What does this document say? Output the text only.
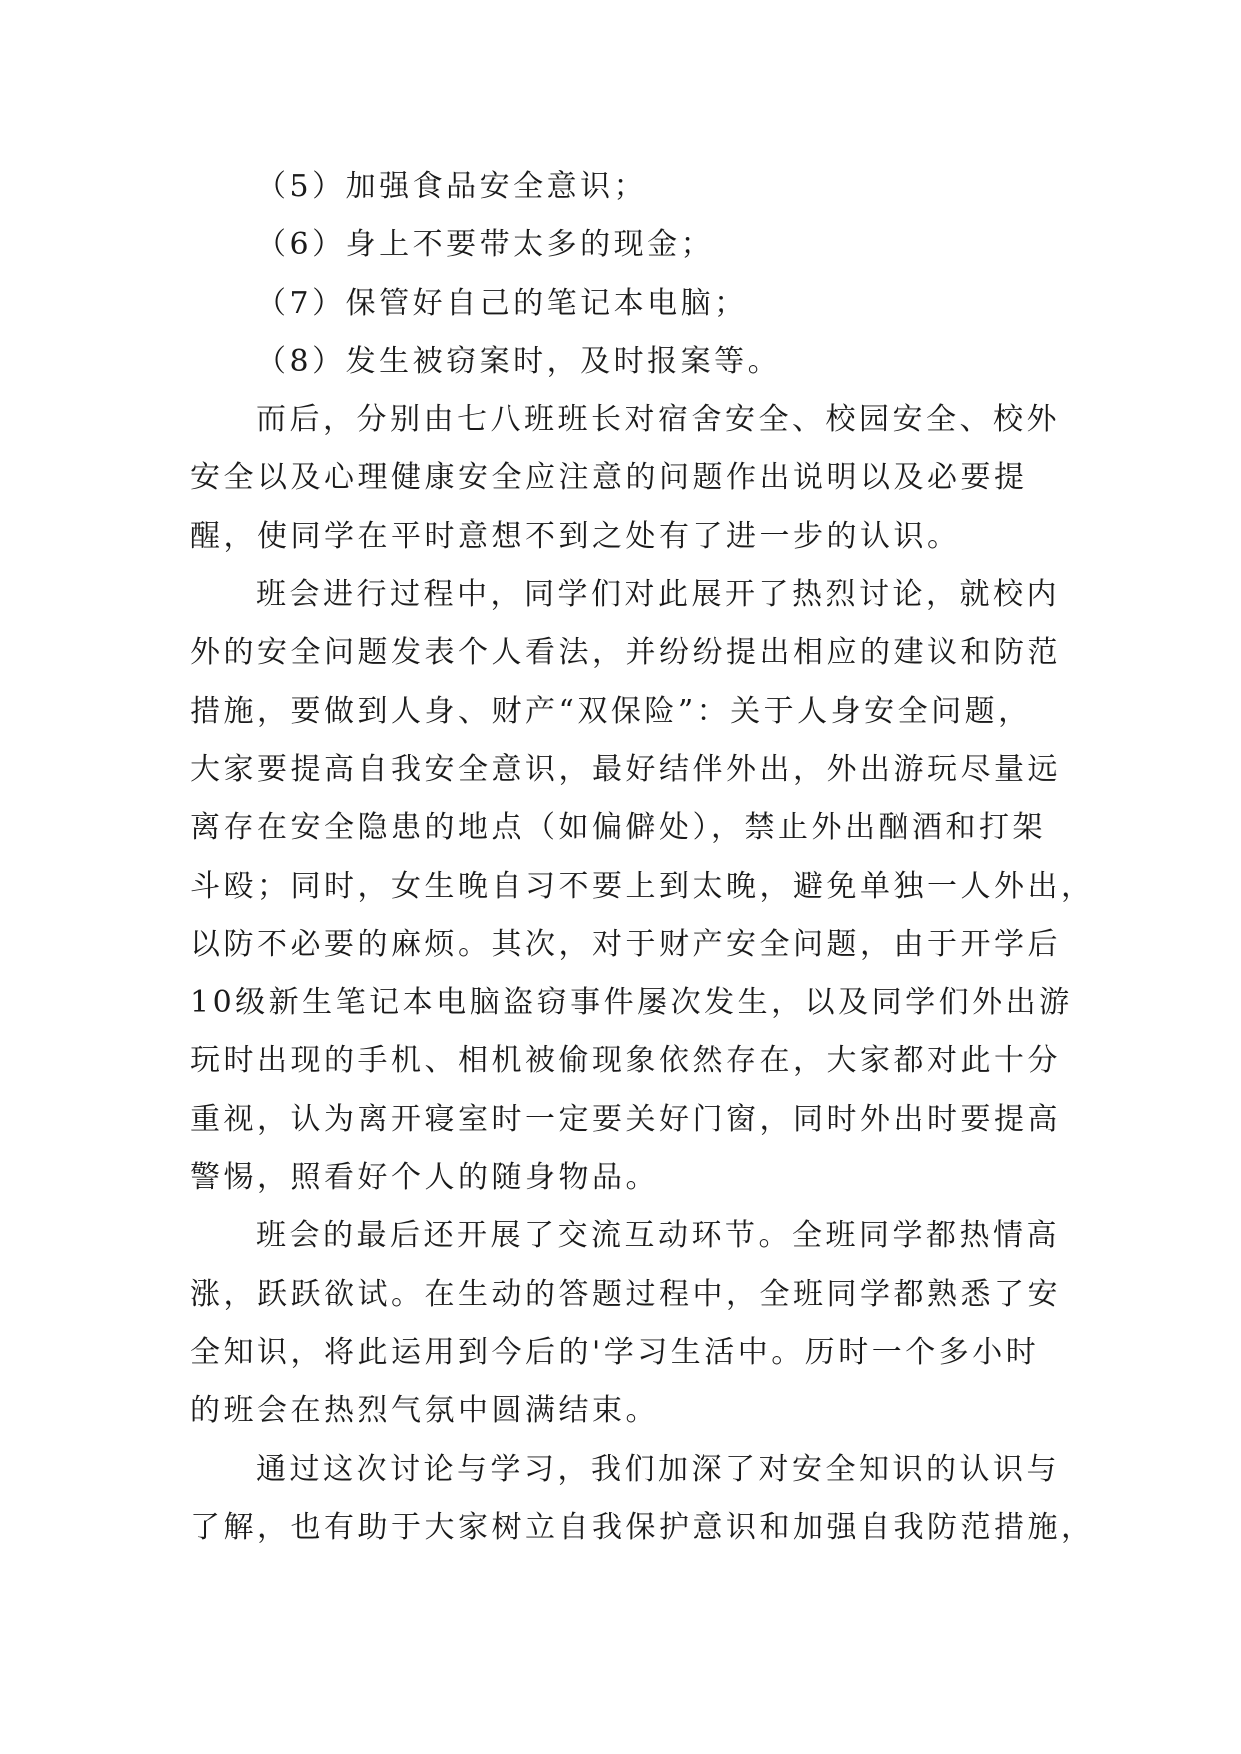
（5）加强食品安全意识；
（6）身上不要带太多的现金；
（7）保管好自己的笔记本电脑；
（8）发生被窃案时，及时报案等。
而后，分别由七八班班长对宿舍安全、校园安全、校外
安全以及心理健康安全应注意的问题作出说明以及必要提
醒，使同学在平时意想不到之处有了进一步的认识。
班会进行过程中，同学们对此展开了热烈讨论，就校内
外的安全问题发表个人看法，并纷纷提出相应的建议和防范
措施，要做到人身、财产“双保险”：关于人身安全问题，
大家要提高自我安全意识，最好结伴外出，外出游玩尽量远
离存在安全隐患的地点（如偏僻处），禁止外出酗酒和打架
斗殴；同时，女生晚自习不要上到太晚，避免单独一人外出，
以防不必要的麻烦。其次，对于财产安全问题，由于开学后
10级新生笔记本电脑盗窃事件屡次发生，以及同学们外出游
玩时出现的手机、相机被偷现象依然存在，大家都对此十分
重视，认为离开寝室时一定要关好门窗，同时外出时要提高
警惕，照看好个人的随身物品。
班会的最后还开展了交流互动环节。全班同学都热情高
涨，跃跃欲试。在生动的答题过程中，全班同学都熟悉了安
全知识，将此运用到今后的'学习生活中。历时一个多小时
的班会在热烈气氛中圆满结束。
通过这次讨论与学习，我们加深了对安全知识的认识与
了解，也有助于大家树立自我保护意识和加强自我防范措施，
